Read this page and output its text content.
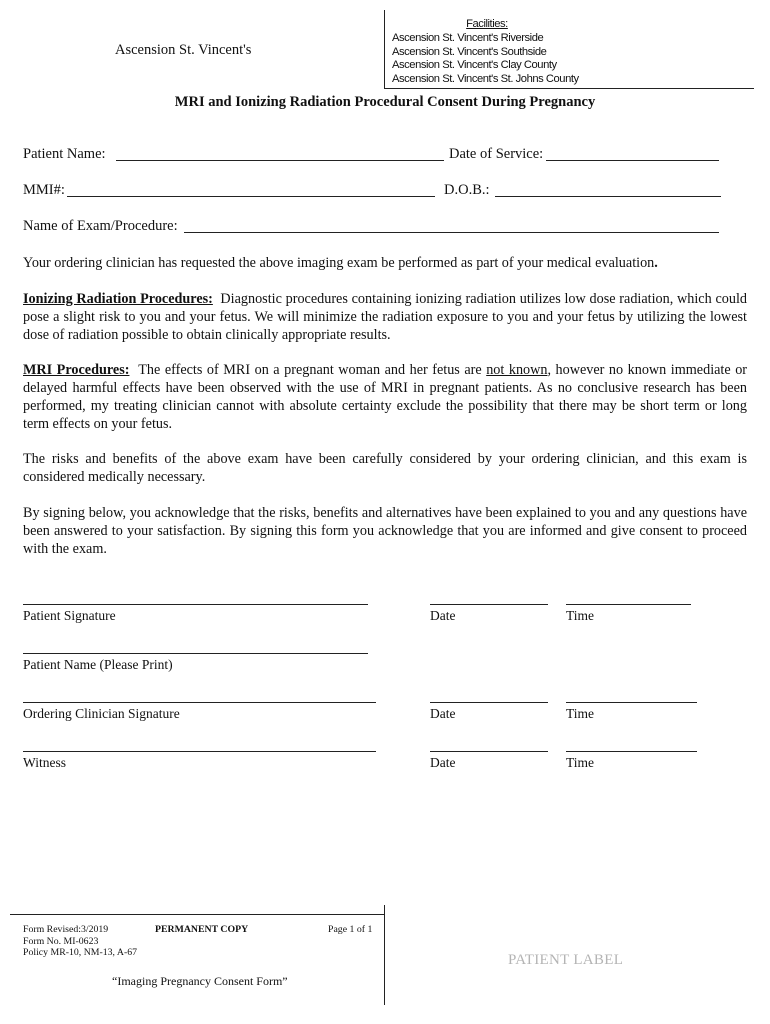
Ascension St. Vincent's
Facilities:
Ascension St. Vincent's Riverside
Ascension St. Vincent's Southside
Ascension St. Vincent's Clay County
Ascension St. Vincent's St. Johns County
MRI and Ionizing Radiation Procedural Consent During Pregnancy
Patient Name:	Date of Service:
MMI#:	D.O.B.:
Name of Exam/Procedure:
Your ordering clinician has requested the above imaging exam be performed as part of your medical evaluation.
Ionizing Radiation Procedures: Diagnostic procedures containing ionizing radiation utilizes low dose radiation, which could pose a slight risk to you and your fetus. We will minimize the radiation exposure to you and your fetus by utilizing the lowest dose of radiation possible to obtain clinically appropriate results.
MRI Procedures: The effects of MRI on a pregnant woman and her fetus are not known, however no known immediate or delayed harmful effects have been observed with the use of MRI in pregnant patients. As no conclusive research has been performed, my treating clinician cannot with absolute certainty exclude the possibility that there may be short term or long term effects on your fetus.
The risks and benefits of the above exam have been carefully considered by your ordering clinician, and this exam is considered medically necessary.
By signing below, you acknowledge that the risks, benefits and alternatives have been explained to you and any questions have been answered to your satisfaction. By signing this form you acknowledge that you are informed and give consent to proceed with the exam.
Patient Signature	Date	Time
Patient Name (Please Print)
Ordering Clinician Signature	Date	Time
Witness	Date	Time
Form Revised:3/2019
Form No. MI-0623
Policy MR-10, NM-13, A-67
PERMANENT COPY	Page 1 of 1
“Imaging Pregnancy Consent Form”
PATIENT LABEL
